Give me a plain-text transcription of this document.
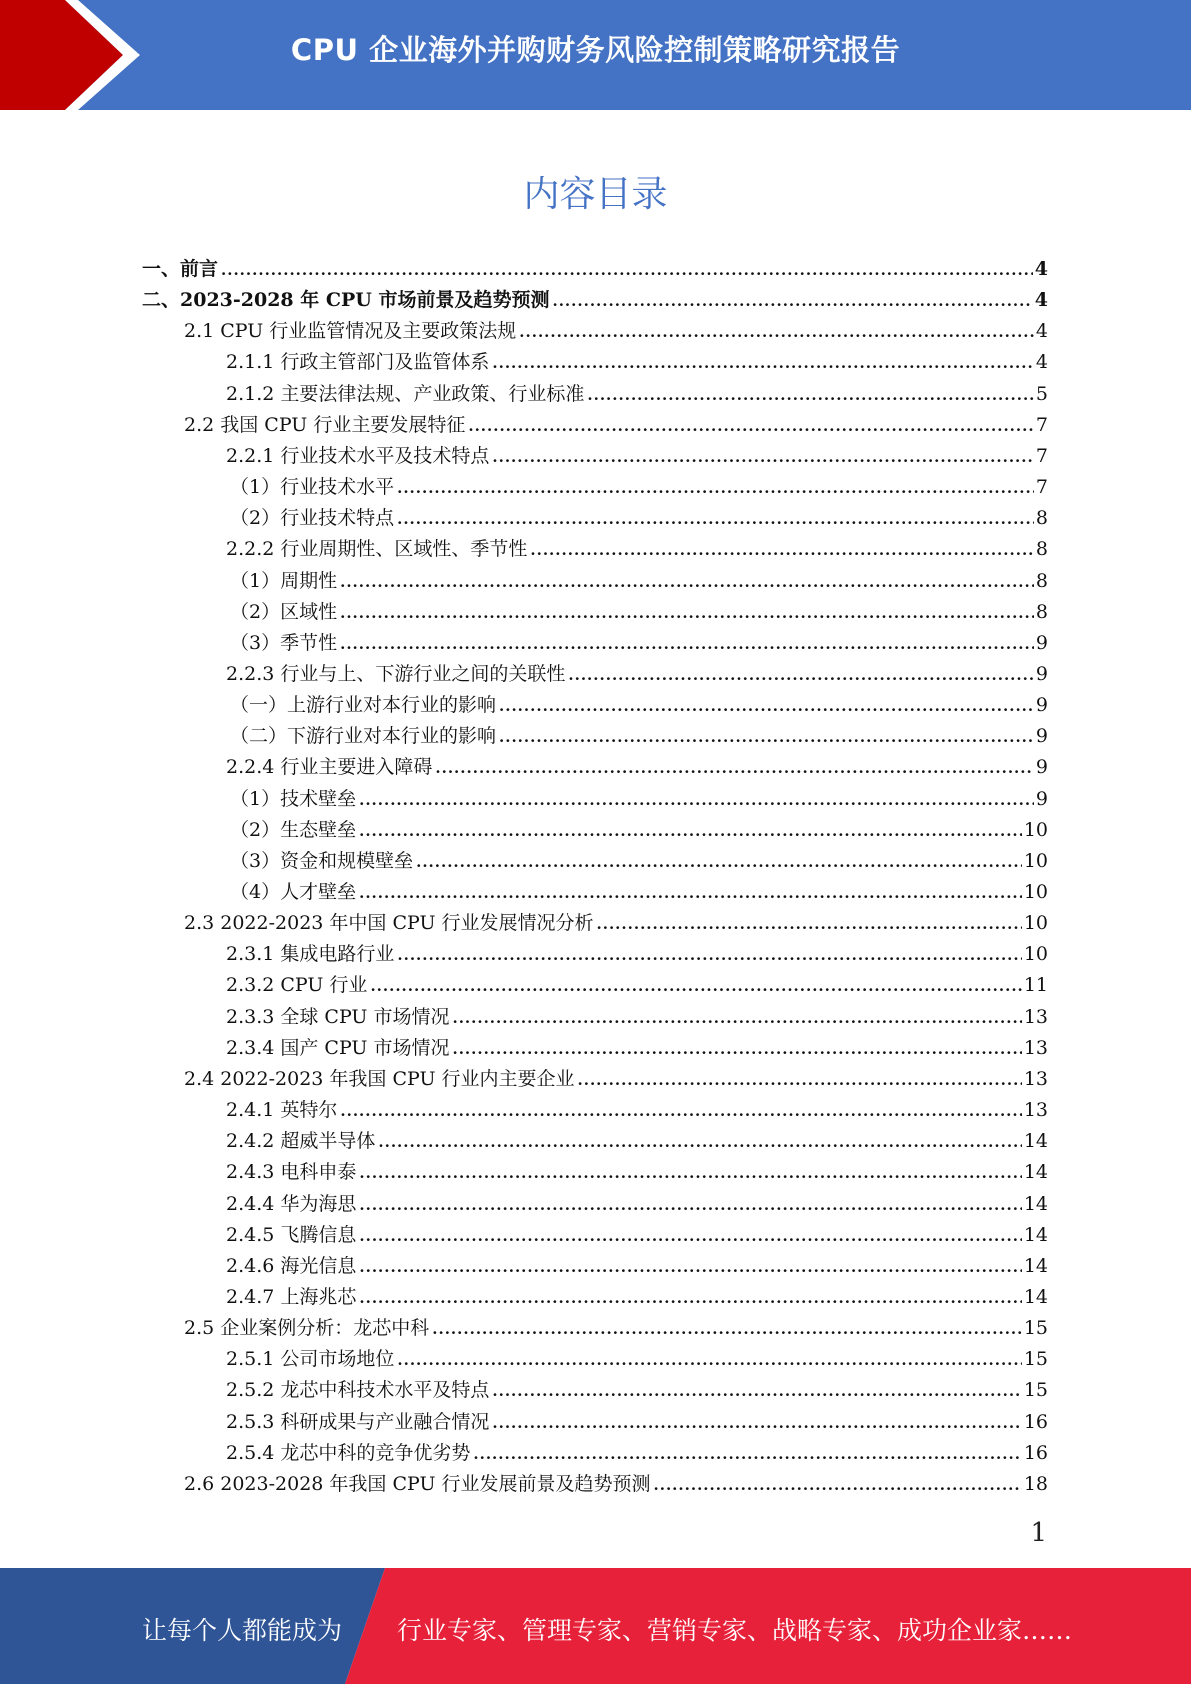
CPU 企业海外并购财务风险控制策略研究报告
内容目录
一、前言 .....	4
二、2023-2028 年 CPU 市场前景及趋势预测 .....	4
2.1 CPU 行业监管情况及主要政策法规 .....	4
2.1.1 行政主管部门及监管体系 .....	4
2.1.2 主要法律法规、产业政策、行业标准 .....	5
2.2 我国 CPU 行业主要发展特征 .....	7
2.2.1 行业技术水平及技术特点 .....	7
（1）行业技术水平 .....	7
（2）行业技术特点 .....	8
2.2.2 行业周期性、区域性、季节性 .....	8
（1）周期性 .....	8
（2）区域性 .....	8
（3）季节性 .....	9
2.2.3 行业与上、下游行业之间的关联性 .....	9
（一）上游行业对本行业的影响 .....	9
（二）下游行业对本行业的影响 .....	9
2.2.4 行业主要进入障碍 .....	9
（1）技术壁垒 .....	9
（2）生态壁垒 .....	10
（3）资金和规模壁垒 .....	10
（4）人才壁垒 .....	10
2.3 2022-2023 年中国 CPU 行业发展情况分析 .....	10
2.3.1 集成电路行业 .....	10
2.3.2 CPU 行业 .....	11
2.3.3 全球 CPU 市场情况 .....	13
2.3.4 国产 CPU 市场情况 .....	13
2.4 2022-2023 年我国 CPU 行业内主要企业 .....	13
2.4.1 英特尔 .....	13
2.4.2 超威半导体 .....	14
2.4.3 电科申泰 .....	14
2.4.4 华为海思 .....	14
2.4.5 飞腾信息 .....	14
2.4.6 海光信息 .....	14
2.4.7 上海兆芯 .....	14
2.5 企业案例分析：龙芯中科 .....	15
2.5.1 公司市场地位 .....	15
2.5.2 龙芯中科技术水平及特点 .....	15
2.5.3 科研成果与产业融合情况 .....	16
2.5.4 龙芯中科的竞争优劣势 .....	16
2.6 2023-2028 年我国 CPU 行业发展前景及趋势预测 .....	18
1
让每个人都能成为 行业专家、管理专家、营销专家、战略专家、成功企业家……
